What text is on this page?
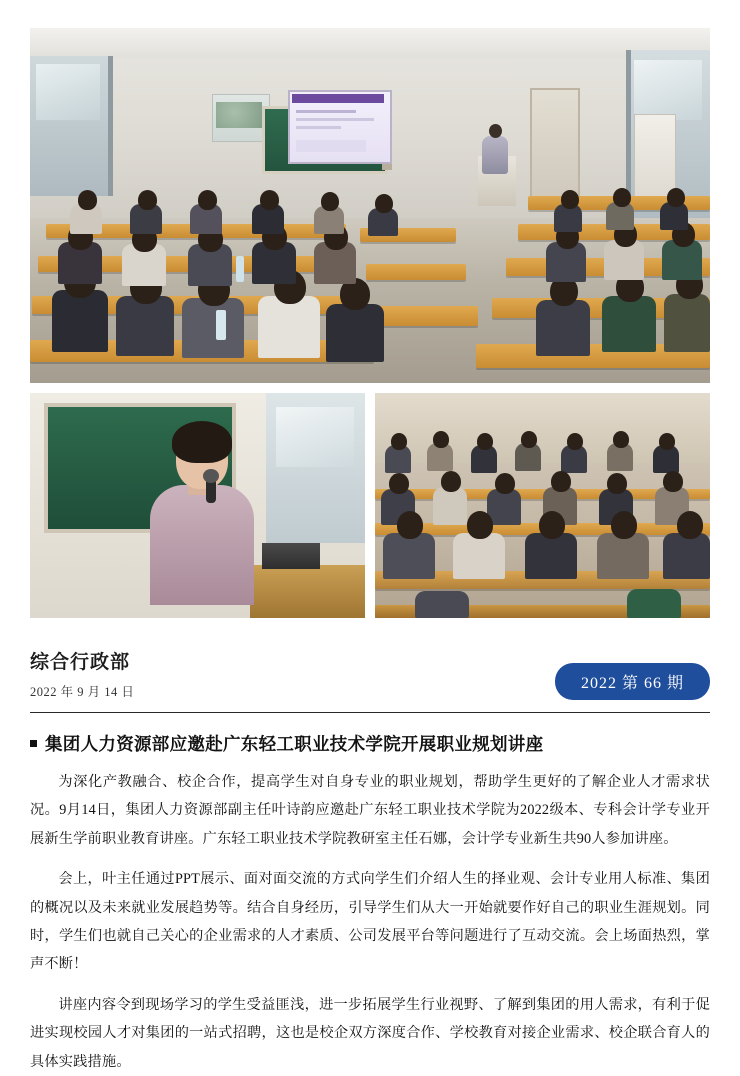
综合行政部
2022 年 9 月 14 日	2022 第 66 期
集团人力资源部应邀赴广东轻工职业技术学院开展职业规划讲座

为深化产教融合、校企合作，提高学生对自身专业的职业规划，帮助学生更好的了解企业人才需求状况。9月14日，集团人力资源部副主任叶诗韵应邀赴广东轻工职业技术学院为2022级本、专科会计学专业开展新生学前职业教育讲座。广东轻工职业技术学院教研室主任石娜，会计学专业新生共90人参加讲座。

会上，叶主任通过PPT展示、面对面交流的方式向学生们介绍人生的择业观、会计专业用人标准、集团的概况以及未来就业发展趋势等。结合自身经历，引导学生们从大一开始就要作好自己的职业生涯规划。同时，学生们也就自己关心的企业需求的人才素质、公司发展平台等问题进行了互动交流。会上场面热烈，掌声不断！

讲座内容令到现场学习的学生受益匪浅，进一步拓展学生行业视野、了解到集团的用人需求，有利于促进实现校园人才对集团的一站式招聘，这也是校企双方深度合作、学校教育对接企业需求、校企联合育人的具体实践措施。
